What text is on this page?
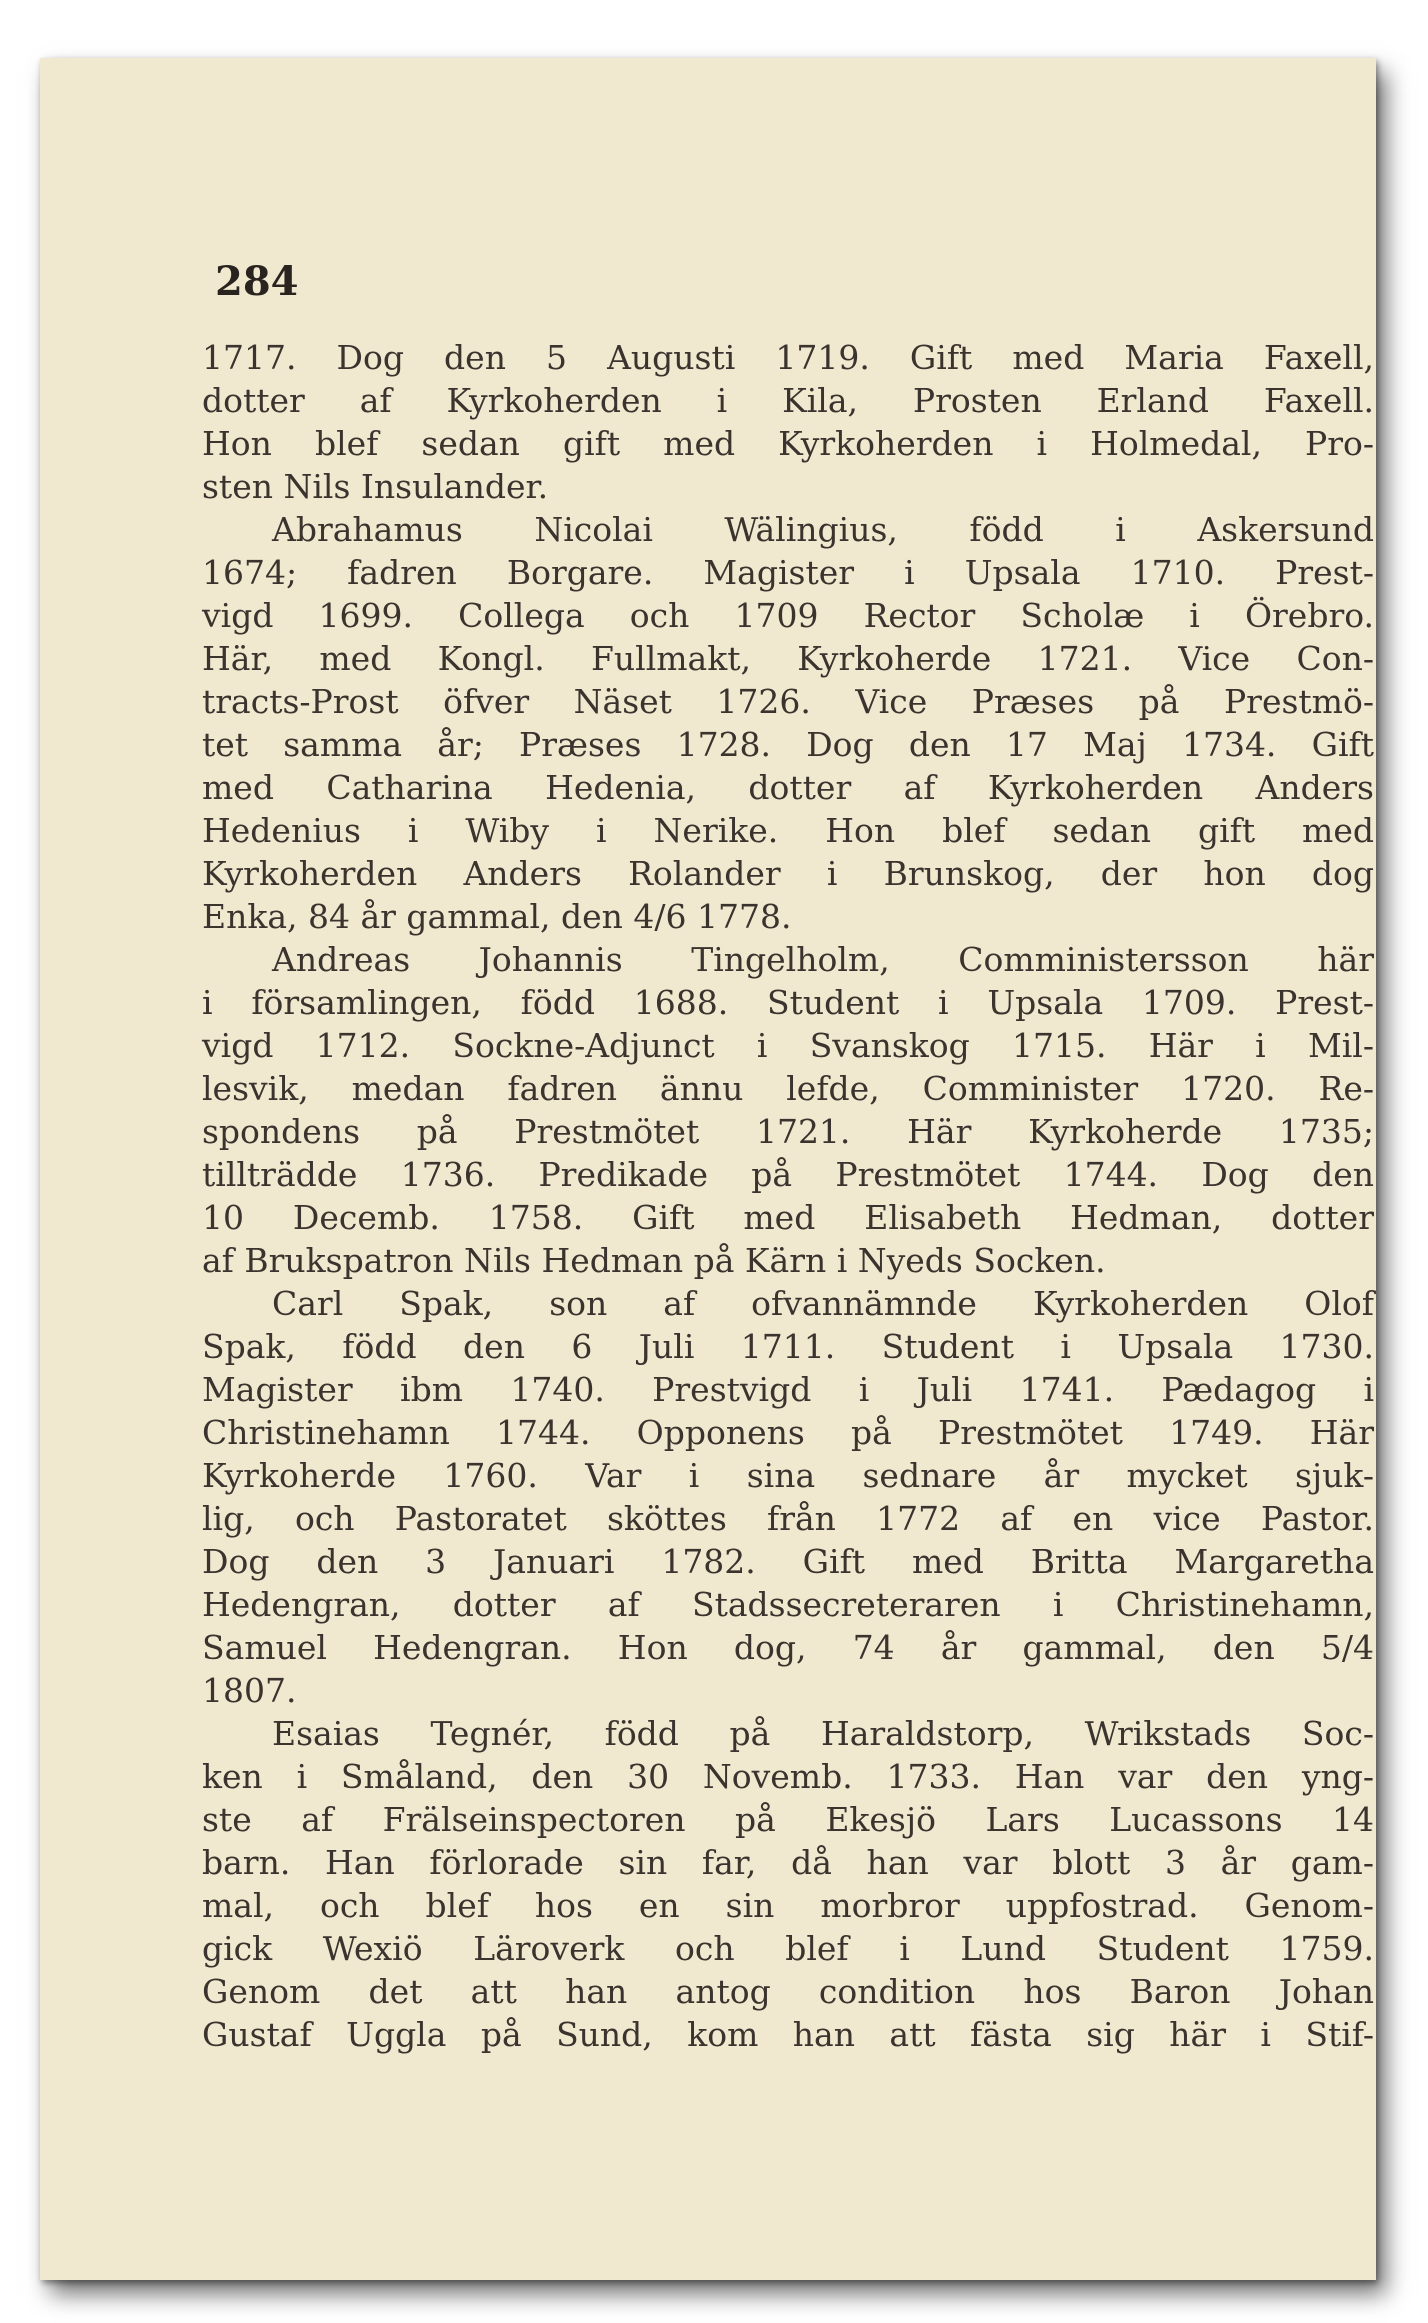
284

1717. Dog den 5 Augusti 1719. Gift med Maria Faxell,
dotter af Kyrkoherden i Kila, Prosten Erland Faxell.
Hon blef sedan gift med Kyrkoherden i Holmedal, Pro-
sten Nils Insulander.
Abrahamus Nicolai Wälingius, född i Askersund
1674; fadren Borgare. Magister i Upsala 1710. Prest-
vigd 1699. Collega och 1709 Rector Scholæ i Örebro.
Här, med Kongl. Fullmakt, Kyrkoherde 1721. Vice Con-
tracts-Prost öfver Näset 1726. Vice Præses på Prestmö-
tet samma år; Præses 1728. Dog den 17 Maj 1734. Gift
med Catharina Hedenia, dotter af Kyrkoherden Anders
Hedenius i Wiby i Nerike. Hon blef sedan gift med
Kyrkoherden Anders Rolander i Brunskog, der hon dog
Enka, 84 år gammal, den 4/6 1778.
Andreas Johannis Tingelholm, Comministersson här
i församlingen, född 1688. Student i Upsala 1709. Prest-
vigd 1712. Sockne-Adjunct i Svanskog 1715. Här i Mil-
lesvik, medan fadren ännu lefde, Comminister 1720. Re-
spondens på Prestmötet 1721. Här Kyrkoherde 1735;
tillträdde 1736. Predikade på Prestmötet 1744. Dog den
10 Decemb. 1758. Gift med Elisabeth Hedman, dotter
af Brukspatron Nils Hedman på Kärn i Nyeds Socken.
Carl Spak, son af ofvannämnde Kyrkoherden Olof
Spak, född den 6 Juli 1711. Student i Upsala 1730.
Magister ibm 1740. Prestvigd i Juli 1741. Pædagog i
Christinehamn 1744. Opponens på Prestmötet 1749. Här
Kyrkoherde 1760. Var i sina sednare år mycket sjuk-
lig, och Pastoratet sköttes från 1772 af en vice Pastor.
Dog den 3 Januari 1782. Gift med Britta Margaretha
Hedengran, dotter af Stadssecreteraren i Christinehamn,
Samuel Hedengran. Hon dog, 74 år gammal, den 5/4
1807.
Esaias Tegnér, född på Haraldstorp, Wrikstads Soc-
ken i Småland, den 30 Novemb. 1733. Han var den yng-
ste af Frälseinspectoren på Ekesjö Lars Lucassons 14
barn. Han förlorade sin far, då han var blott 3 år gam-
mal, och blef hos en sin morbror uppfostrad. Genom-
gick Wexiö Läroverk och blef i Lund Student 1759.
Genom det att han antog condition hos Baron Johan
Gustaf Uggla på Sund, kom han att fästa sig här i Stif-
